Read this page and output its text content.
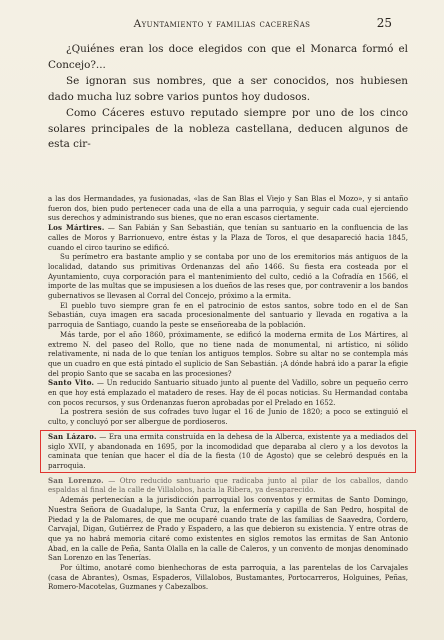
Ayuntamiento y familias cacereñas	25

¿Quiénes eran los doce elegidos con que el Monarca formó el Concejo?...

Se ignoran sus nombres, que a ser conocidos, nos hubiesen dado mucha luz sobre varios puntos hoy dudosos.

Como Cáceres estuvo reputado siempre por uno de los cinco solares principales de la nobleza castellana, deducen algunos de esta cir-

a las dos Hermandades, ya fusionadas, «las de San Blas el Viejo y San Blas el Mozo», y si antaño fueron dos, bien pudo pertenecer cada una de ella a una parroquia, y seguir cada cual ejerciendo sus derechos y administrando sus bienes, que no eran escasos ciertamente.

Los Mártires. — San Fabián y San Sebastián, que tenían su santuario en la confluencia de las calles de Moros y Barrionuevo, entre éstas y la Plaza de Toros, el que desapareció hacia 1845, cuando el circo taurino se edificó.

Su perímetro era bastante amplio y se contaba por uno de los eremitorios más antiguos de la localidad, datando sus primitivas Ordenanzas del año 1466. Su fiesta era costeada por el Ayuntamiento, cuya corporación para el mantenimiento del culto, cedió a la Cofradía en 1566, el importe de las multas que se impusiesen a los dueños de las reses que, por contravenir a los bandos gubernativos se llevasen al Corral del Concejo, próximo a la ermita.

El pueblo tuvo siempre gran fe en el patrocinio de estos santos, sobre todo en el de San Sebastián, cuya imagen era sacada procesionalmente del santuario y llevada en rogativa a la parroquia de Santiago, cuando la peste se enseñoreaba de la población.

Más tarde, por el año 1860, próximamente, se edificó la moderna ermita de Los Mártires, al extremo N. del paseo del Rollo, que no tiene nada de monumental, ni artístico, ni sólido relativamente, ni nada de lo que tenían los antiguos templos. Sobre su altar no se contempla más que un cuadro en que está pintado el suplicio de San Sebastián. ¡A dónde habrá ido a parar la efigie del propio Santo que se sacaba en las procesiones?

Santo Vito. — Un reducido Santuario situado junto al puente del Vadillo, sobre un pequeño cerro en que hoy está emplazado el matadero de reses. Hay de él pocas noticias. Su Hermandad contaba con pocos recursos, y sus Ordenanzas fueron aprobadas por el Prelado en 1652.

La postrera sesión de sus cofrades tuvo lugar el 16 de Junio de 1820; a poco se extinguió el culto, y concluyó por ser albergue de pordioseros.

San Lázaro. — Era una ermita construída en la dehesa de la Alberca, existente ya a mediados del siglo XVII, y abandonada en 1695, por la incomodidad que deparaba al clero y a los devotos la caminata que tenían que hacer el día de la fiesta (10 de Agosto) que se celebró después en la parroquia.

San Lorenzo. — Otro reducido santuario que radicaba junto al pilar de los caballos, dando espaldas al final de la calle de Villalobos, hacia la Ribera, ya desaparecido.

Además pertenecían a la jurisdicción parroquial los conventos y ermitas de Santo Domingo, Nuestra Señora de Guadalupe, la Santa Cruz, la enfermería y capilla de San Pedro, hospital de Piedad y la de Palomares, de que me ocuparé cuando trate de las familias de Saavedra, Cordero, Carvajal, Digan, Gutiérrez de Prado y Espadero, a las que debieron su existencia. Y entre otras de que ya no habrá memoria citaré como existentes en siglos remotos las ermitas de San Antonio Abad, en la calle de Peña, Santa Olalla en la calle de Caleros, y un convento de monjas denominado San Lorenzo en las Tenerías.

Por último, anotaré como bienhechoras de esta parroquia, a las parentelas de los Carvajales (casa de Abrantes), Osmas, Espaderos, Villalobos, Bustamantes, Portocarreros, Holguines, Peñas, Romero-Macotelas, Guzmanes y Cabezalbos.
